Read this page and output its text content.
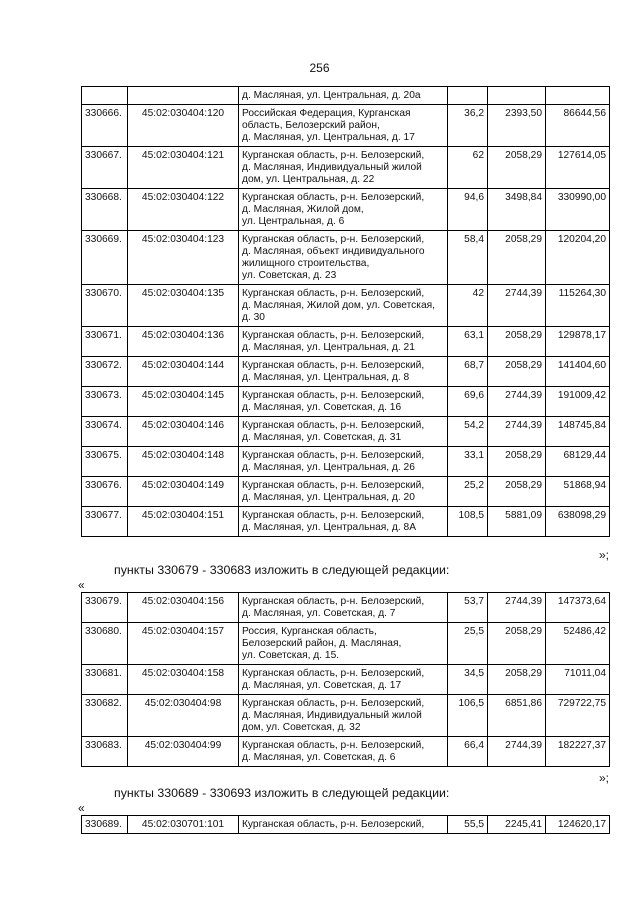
256

		д. Масляная, ул. Центральная, д. 20а			

330666.	45:02:030404:120	Российская Федерация, Курганская
область, Белозерский район,
д. Масляная, ул. Центральная, д. 17	36,2	2393,50	86644,56
330667.	45:02:030404:121	Курганская область, р-н. Белозерский,
д. Масляная, Индивидуальный жилой
дом, ул. Центральная, д. 22	62	2058,29	127614,05
330668.	45:02:030404:122	Курганская область, р-н. Белозерский,
д. Масляная, Жилой дом,
ул. Центральная, д. 6	94,6	3498,84	330990,00
330669.	45:02:030404:123	Курганская область, р-н. Белозерский,
д. Масляная, объект индивидуального
жилищного строительства,
ул. Советская, д. 23	58,4	2058,29	120204,20
330670.	45:02:030404:135	Курганская область, р-н. Белозерский,
д. Масляная, Жилой дом, ул. Советская,
д. 30	42	2744,39	115264,30
330671.	45:02:030404:136	Курганская область, р-н. Белозерский,
д. Масляная, ул. Центральная, д. 21	63,1	2058,29	129878,17
330672.	45:02:030404:144	Курганская область, р-н. Белозерский,
д. Масляная, ул. Центральная, д. 8	68,7	2058,29	141404,60
330673.	45:02:030404:145	Курганская область, р-н. Белозерский,
д. Масляная, ул. Советская, д. 16	69,6	2744,39	191009,42
330674.	45:02:030404:146	Курганская область, р-н. Белозерский,
д. Масляная, ул. Советская, д. 31	54,2	2744,39	148745,84
330675.	45:02:030404:148	Курганская область, р-н. Белозерский,
д. Масляная, ул. Центральная, д. 26	33,1	2058,29	68129,44
330676.	45:02:030404:149	Курганская область, р-н. Белозерский,
д. Масляная, ул. Центральная, д. 20	25,2	2058,29	51868,94
330677.	45:02:030404:151	Курганская область, р-н. Белозерский,
д. Масляная, ул. Центральная, д. 8А	108,5	5881,09	638098,29
»;
пункты 330679 - 330683 изложить в следующей редакции:
«
330679.	45:02:030404:156	Курганская область, р-н. Белозерский,
д. Масляная, ул. Советская, д. 7	53,7	2744,39	147373,64
330680.	45:02:030404:157	Россия, Курганская область,
Белозерский район, д. Масляная,
ул. Советская, д. 15.	25,5	2058,29	52486,42
330681.	45:02:030404:158	Курганская область, р-н. Белозерский,
д. Масляная, ул. Советская, д. 17	34,5	2058,29	71011,04
330682.	45:02:030404:98	Курганская область, р-н. Белозерский,
д. Масляная, Индивидуальный жилой
дом, ул. Советская, д. 32	106,5	6851,86	729722,75
330683.	45:02:030404:99	Курганская область, р-н. Белозерский,
д. Масляная, ул. Советская, д. 6	66,4	2744,39	182227,37
»;
пункты 330689 - 330693 изложить в следующей редакции:
«
330689.	45:02:030701:101	Курганская область, р-н. Белозерский,	55,5	2245,41	124620,17
